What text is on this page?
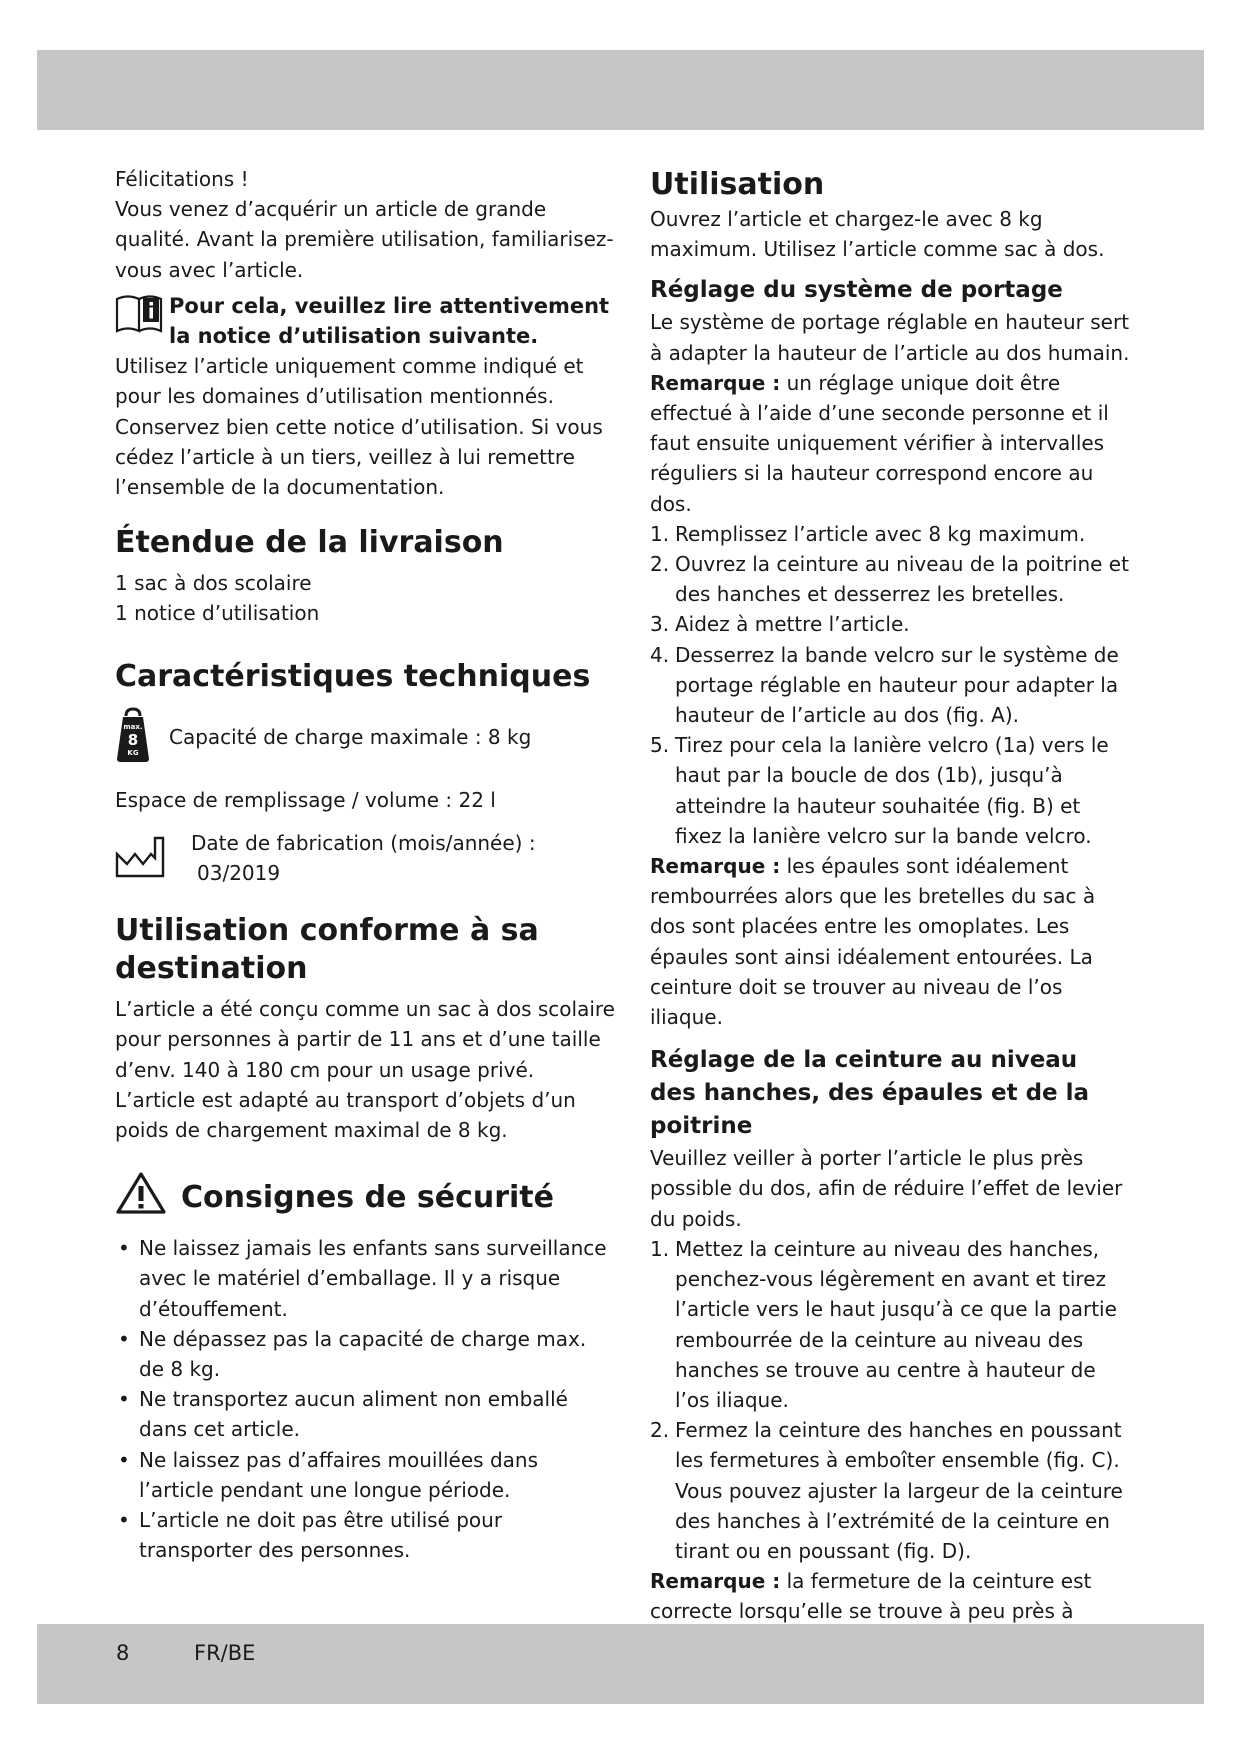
Félicitations !

Vous venez d’acquérir un article de grande qualité. Avant la première utilisation, familiarisez-vous avec l’article.

Pour cela, veuillez lire attentivement la notice d’utilisation suivante.

Utilisez l’article uniquement comme indiqué et pour les domaines d’utilisation mentionnés. Conservez bien cette notice d’utilisation. Si vous cédez l’article à un tiers, veillez à lui remettre l’ensemble de la documentation.

Étendue de la livraison

1 sac à dos scolaire

1 notice d’utilisation

Caractéristiques techniques
max.
8
KG

Capacité de charge maximale : 8 kg

Espace de remplissage / volume : 22 l

Date de fabrication (mois/année) :
03/2019

Utilisation conforme à sa destination

L’article a été conçu comme un sac à dos scolaire pour personnes à partir de 11 ans et d’une taille d’env. 140 à 180 cm pour un usage privé. L’article est adapté au transport d’objets d’un poids de chargement maximal de 8 kg.

Consignes de sécurité
• Ne laissez jamais les enfants sans surveillance avec le matériel d’emballage. Il y a risque d’étouffement.
• Ne dépassez pas la capacité de charge max. de 8 kg.
• Ne transportez aucun aliment non emballé dans cet article.
• Ne laissez pas d’affaires mouillées dans l’article pendant une longue période.
• L’article ne doit pas être utilisé pour transporter des personnes.
Utilisation

Ouvrez l’article et chargez-le avec 8 kg maximum. Utilisez l’article comme sac à dos.

Réglage du système de portage

Le système de portage réglable en hauteur sert à adapter la hauteur de l’article au dos humain.

Remarque : un réglage unique doit être effectué à l’aide d’une seconde personne et il faut ensuite uniquement vérifier à intervalles réguliers si la hauteur correspond encore au dos.

1. Remplissez l’article avec 8 kg maximum.
2. Ouvrez la ceinture au niveau de la poitrine et des hanches et desserrez les bretelles.
3. Aidez à mettre l’article.
4. Desserrez la bande velcro sur le système de portage réglable en hauteur pour adapter la hauteur de l’article au dos (fig. A).
5. Tirez pour cela la lanière velcro (1a) vers le haut par la boucle de dos (1b), jusqu’à atteindre la hauteur souhaitée (fig. B) et fixez la lanière velcro sur la bande velcro.

Remarque : les épaules sont idéalement rembourrées alors que les bretelles du sac à dos sont placées entre les omoplates. Les épaules sont ainsi idéalement entourées. La ceinture doit se trouver au niveau de l’os iliaque.

Réglage de la ceinture au niveau des hanches, des épaules et de la poitrine

Veuillez veiller à porter l’article le plus près possible du dos, afin de réduire l’effet de levier du poids.

1. Mettez la ceinture au niveau des hanches, penchez-vous légèrement en avant et tirez l’article vers le haut jusqu’à ce que la partie rembourrée de la ceinture au niveau des hanches se trouve au centre à hauteur de l’os iliaque.
2. Fermez la ceinture des hanches en poussant les fermetures à emboîter ensemble (fig. C). Vous pouvez ajuster la largeur de la ceinture des hanches à l’extrémité de la ceinture en tirant ou en poussant (fig. D).

Remarque : la fermeture de la ceinture est correcte lorsqu’elle se trouve à peu près à

8	FR/BE
